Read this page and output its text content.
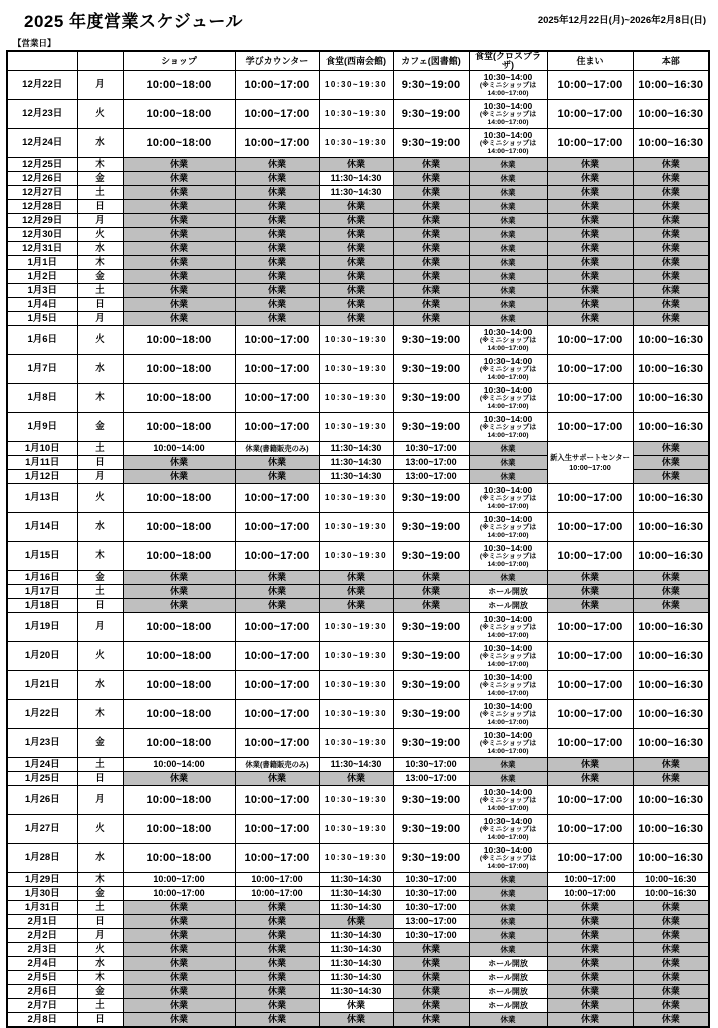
2025 年度営業スケジュール	2025年12月22日(月)~2026年2月8日(日)
【営業日】
		ショップ	学びカウンター	食堂(西南会館)	カフェ(図書館)	食堂(クロスプラザ)	住まい	本部
12月22日	月	10:00~18:00	10:00~17:00	10:30~19:30	9:30~19:00	10:30~14:00
(※ミニショップは
14:00~17:00)	10:00~17:00	10:00~16:30
12月23日	火	10:00~18:00	10:00~17:00	10:30~19:30	9:30~19:00	10:30~14:00
(※ミニショップは
14:00~17:00)	10:00~17:00	10:00~16:30
12月24日	水	10:00~18:00	10:00~17:00	10:30~19:30	9:30~19:00	10:30~14:00
(※ミニショップは
14:00~17:00)	10:00~17:00	10:00~16:30
12月25日	木	休業	休業	休業	休業	休業	休業	休業
12月26日	金	休業	休業	11:30~14:30	休業	休業	休業	休業
12月27日	土	休業	休業	11:30~14:30	休業	休業	休業	休業
12月28日	日	休業	休業	休業	休業	休業	休業	休業
12月29日	月	休業	休業	休業	休業	休業	休業	休業
12月30日	火	休業	休業	休業	休業	休業	休業	休業
12月31日	水	休業	休業	休業	休業	休業	休業	休業
1月1日	木	休業	休業	休業	休業	休業	休業	休業
1月2日	金	休業	休業	休業	休業	休業	休業	休業
1月3日	土	休業	休業	休業	休業	休業	休業	休業
1月4日	日	休業	休業	休業	休業	休業	休業	休業
1月5日	月	休業	休業	休業	休業	休業	休業	休業
1月6日	火	10:00~18:00	10:00~17:00	10:30~19:30	9:30~19:00	10:30~14:00
(※ミニショップは
14:00~17:00)	10:00~17:00	10:00~16:30
1月7日	水	10:00~18:00	10:00~17:00	10:30~19:30	9:30~19:00	10:30~14:00
(※ミニショップは
14:00~17:00)	10:00~17:00	10:00~16:30
1月8日	木	10:00~18:00	10:00~17:00	10:30~19:30	9:30~19:00	10:30~14:00
(※ミニショップは
14:00~17:00)	10:00~17:00	10:00~16:30
1月9日	金	10:00~18:00	10:00~17:00	10:30~19:30	9:30~19:00	10:30~14:00
(※ミニショップは
14:00~17:00)	10:00~17:00	10:00~16:30
1月10日	土	10:00~14:00	休業(書籍販売のみ)	11:30~14:30	10:30~17:00	休業	新入生サポートセンター
10:00~17:00	休業
1月11日	日	休業	休業	11:30~14:30	13:00~17:00	休業		休業
1月12日	月	休業	休業	11:30~14:30	13:00~17:00	休業		休業
1月13日	火	10:00~18:00	10:00~17:00	10:30~19:30	9:30~19:00	10:30~14:00
(※ミニショップは
14:00~17:00)	10:00~17:00	10:00~16:30
1月14日	水	10:00~18:00	10:00~17:00	10:30~19:30	9:30~19:00	10:30~14:00
(※ミニショップは
14:00~17:00)	10:00~17:00	10:00~16:30
1月15日	木	10:00~18:00	10:00~17:00	10:30~19:30	9:30~19:00	10:30~14:00
(※ミニショップは
14:00~17:00)	10:00~17:00	10:00~16:30
1月16日	金	休業	休業	休業	休業	休業	休業	休業
1月17日	土	休業	休業	休業	休業	ホール開放	休業	休業
1月18日	日	休業	休業	休業	休業	ホール開放	休業	休業
1月19日	月	10:00~18:00	10:00~17:00	10:30~19:30	9:30~19:00	10:30~14:00
(※ミニショップは
14:00~17:00)	10:00~17:00	10:00~16:30
1月20日	火	10:00~18:00	10:00~17:00	10:30~19:30	9:30~19:00	10:30~14:00
(※ミニショップは
14:00~17:00)	10:00~17:00	10:00~16:30
1月21日	水	10:00~18:00	10:00~17:00	10:30~19:30	9:30~19:00	10:30~14:00
(※ミニショップは
14:00~17:00)	10:00~17:00	10:00~16:30
1月22日	木	10:00~18:00	10:00~17:00	10:30~19:30	9:30~19:00	10:30~14:00
(※ミニショップは
14:00~17:00)	10:00~17:00	10:00~16:30
1月23日	金	10:00~18:00	10:00~17:00	10:30~19:30	9:30~19:00	10:30~14:00
(※ミニショップは
14:00~17:00)	10:00~17:00	10:00~16:30
1月24日	土	10:00~14:00	休業(書籍販売のみ)	11:30~14:30	10:30~17:00	休業	休業	休業
1月25日	日	休業	休業	休業	13:00~17:00	休業	休業	休業
1月26日	月	10:00~18:00	10:00~17:00	10:30~19:30	9:30~19:00	10:30~14:00
(※ミニショップは
14:00~17:00)	10:00~17:00	10:00~16:30
1月27日	火	10:00~18:00	10:00~17:00	10:30~19:30	9:30~19:00	10:30~14:00
(※ミニショップは
14:00~17:00)	10:00~17:00	10:00~16:30
1月28日	水	10:00~18:00	10:00~17:00	10:30~19:30	9:30~19:00	10:30~14:00
(※ミニショップは
14:00~17:00)	10:00~17:00	10:00~16:30
1月29日	木	10:00~17:00	10:00~17:00	11:30~14:30	10:30~17:00	休業	10:00~17:00	10:00~16:30
1月30日	金	10:00~17:00	10:00~17:00	11:30~14:30	10:30~17:00	休業	10:00~17:00	10:00~16:30
1月31日	土	休業	休業	11:30~14:30	10:30~17:00	休業	休業	休業
2月1日	日	休業	休業	休業	13:00~17:00	休業	休業	休業
2月2日	月	休業	休業	11:30~14:30	10:30~17:00	休業	休業	休業
2月3日	火	休業	休業	11:30~14:30	休業	休業	休業	休業
2月4日	水	休業	休業	11:30~14:30	休業	ホール開放	休業	休業
2月5日	木	休業	休業	11:30~14:30	休業	ホール開放	休業	休業
2月6日	金	休業	休業	11:30~14:30	休業	ホール開放	休業	休業
2月7日	土	休業	休業	休業	休業	ホール開放	休業	休業
2月8日	日	休業	休業	休業	休業	休業	休業	休業
